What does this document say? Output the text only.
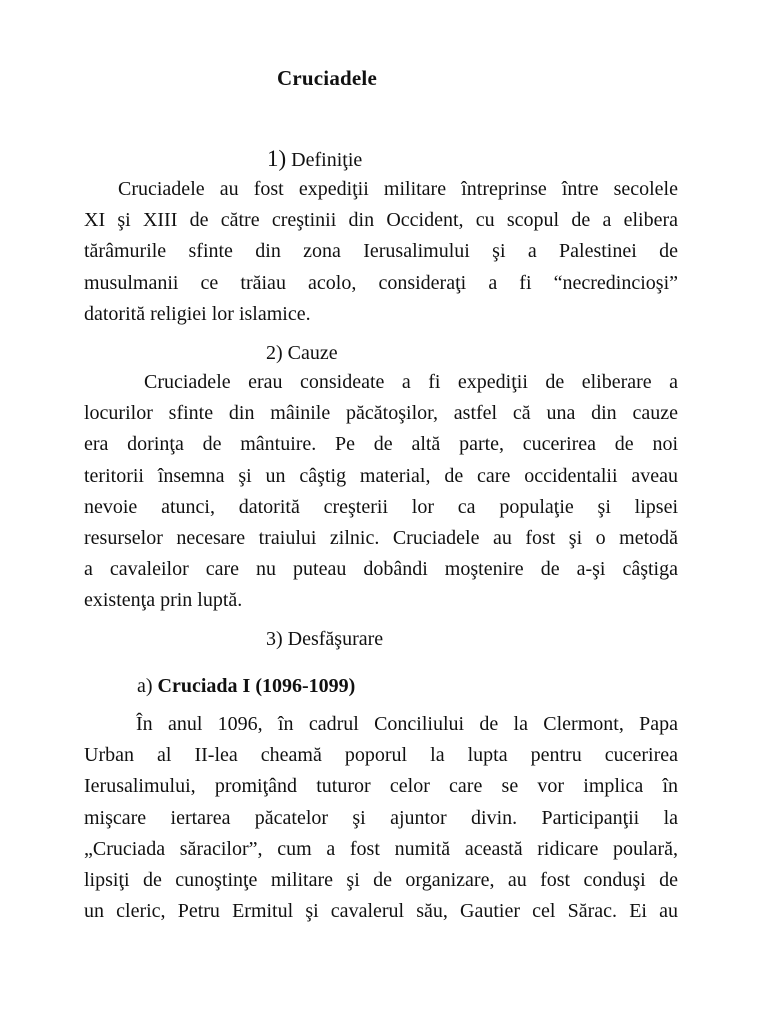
Cruciadele
1) Definiţie
Cruciadele au fost expediţii militare întreprinse între secolele
XI şi XIII de către creştinii din Occident, cu scopul de a elibera
tărâmurile sfinte din zona Ierusalimului şi a Palestinei de
musulmanii ce trăiau acolo, consideraţi a fi “necredincioşi”
datorită religiei lor islamice.
2) Cauze
Cruciadele erau consideate a fi expediţii de eliberare a
locurilor sfinte din mâinile păcătoşilor, astfel că una din cauze
era dorinţa de mântuire. Pe de altă parte, cucerirea de noi
teritorii însemna şi un câştig material, de care occidentalii aveau
nevoie atunci, datorită creşterii lor ca populaţie şi lipsei
resurselor necesare traiului zilnic. Cruciadele au fost şi o metodă
a cavaleilor care nu puteau dobândi moştenire de a-şi câştiga
existenţa prin luptă.
3) Desfăşurare
a) Cruciada I (1096-1099)
În anul 1096, în cadrul Conciliului de la Clermont, Papa
Urban al II-lea cheamă poporul la lupta pentru cucerirea
Ierusalimului, promiţând tuturor celor care se vor implica în
mişcare iertarea păcatelor şi ajuntor divin. Participanţii la
„Cruciada săracilor”, cum a fost numită această ridicare poulară,
lipsiţi de cunoştinţe militare şi de organizare, au fost conduşi de
un cleric, Petru Ermitul şi cavalerul său, Gautier cel Sărac. Ei au
